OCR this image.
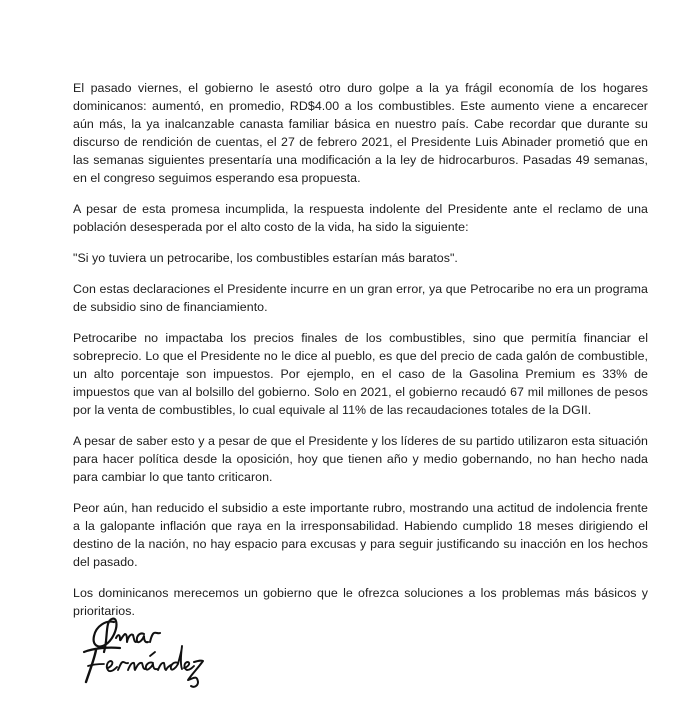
El pasado viernes, el gobierno le asestó otro duro golpe a la ya frágil economía de los hogares dominicanos: aumentó, en promedio, RD$4.00 a los combustibles. Este aumento viene a encarecer aún más, la ya inalcanzable canasta familiar básica en nuestro país. Cabe recordar que durante su discurso de rendición de cuentas, el 27 de febrero 2021, el Presidente Luis Abinader prometió que en las semanas siguientes presentaría una modificación a la ley de hidrocarburos. Pasadas 49 semanas, en el congreso seguimos esperando esa propuesta.

A pesar de esta promesa incumplida, la respuesta indolente del Presidente ante el reclamo de una población desesperada por el alto costo de la vida, ha sido la siguiente:

"Si yo tuviera un petrocaribe, los combustibles estarían más baratos".

Con estas declaraciones el Presidente incurre en un gran error, ya que Petrocaribe no era un programa de subsidio sino de financiamiento.

Petrocaribe no impactaba los precios finales de los combustibles, sino que permitía financiar el sobreprecio. Lo que el Presidente no le dice al pueblo, es que del precio de cada galón de combustible, un alto porcentaje son impuestos. Por ejemplo, en el caso de la Gasolina Premium es 33% de impuestos que van al bolsillo del gobierno. Solo en 2021, el gobierno recaudó 67 mil millones de pesos por la venta de combustibles, lo cual equivale al 11% de las recaudaciones totales de la DGII.

A pesar de saber esto y a pesar de que el Presidente y los líderes de su partido utilizaron esta situación para hacer política desde la oposición, hoy que tienen año y medio gobernando, no han hecho nada para cambiar lo que tanto criticaron.

Peor aún, han reducido el subsidio a este importante rubro, mostrando una actitud de indolencia frente a la galopante inflación que raya en la irresponsabilidad. Habiendo cumplido 18 meses dirigiendo el destino de la nación, no hay espacio para excusas y para seguir justificando su inacción en los hechos del pasado.

Los dominicanos merecemos un gobierno que le ofrezca soluciones a los problemas más básicos y prioritarios.
